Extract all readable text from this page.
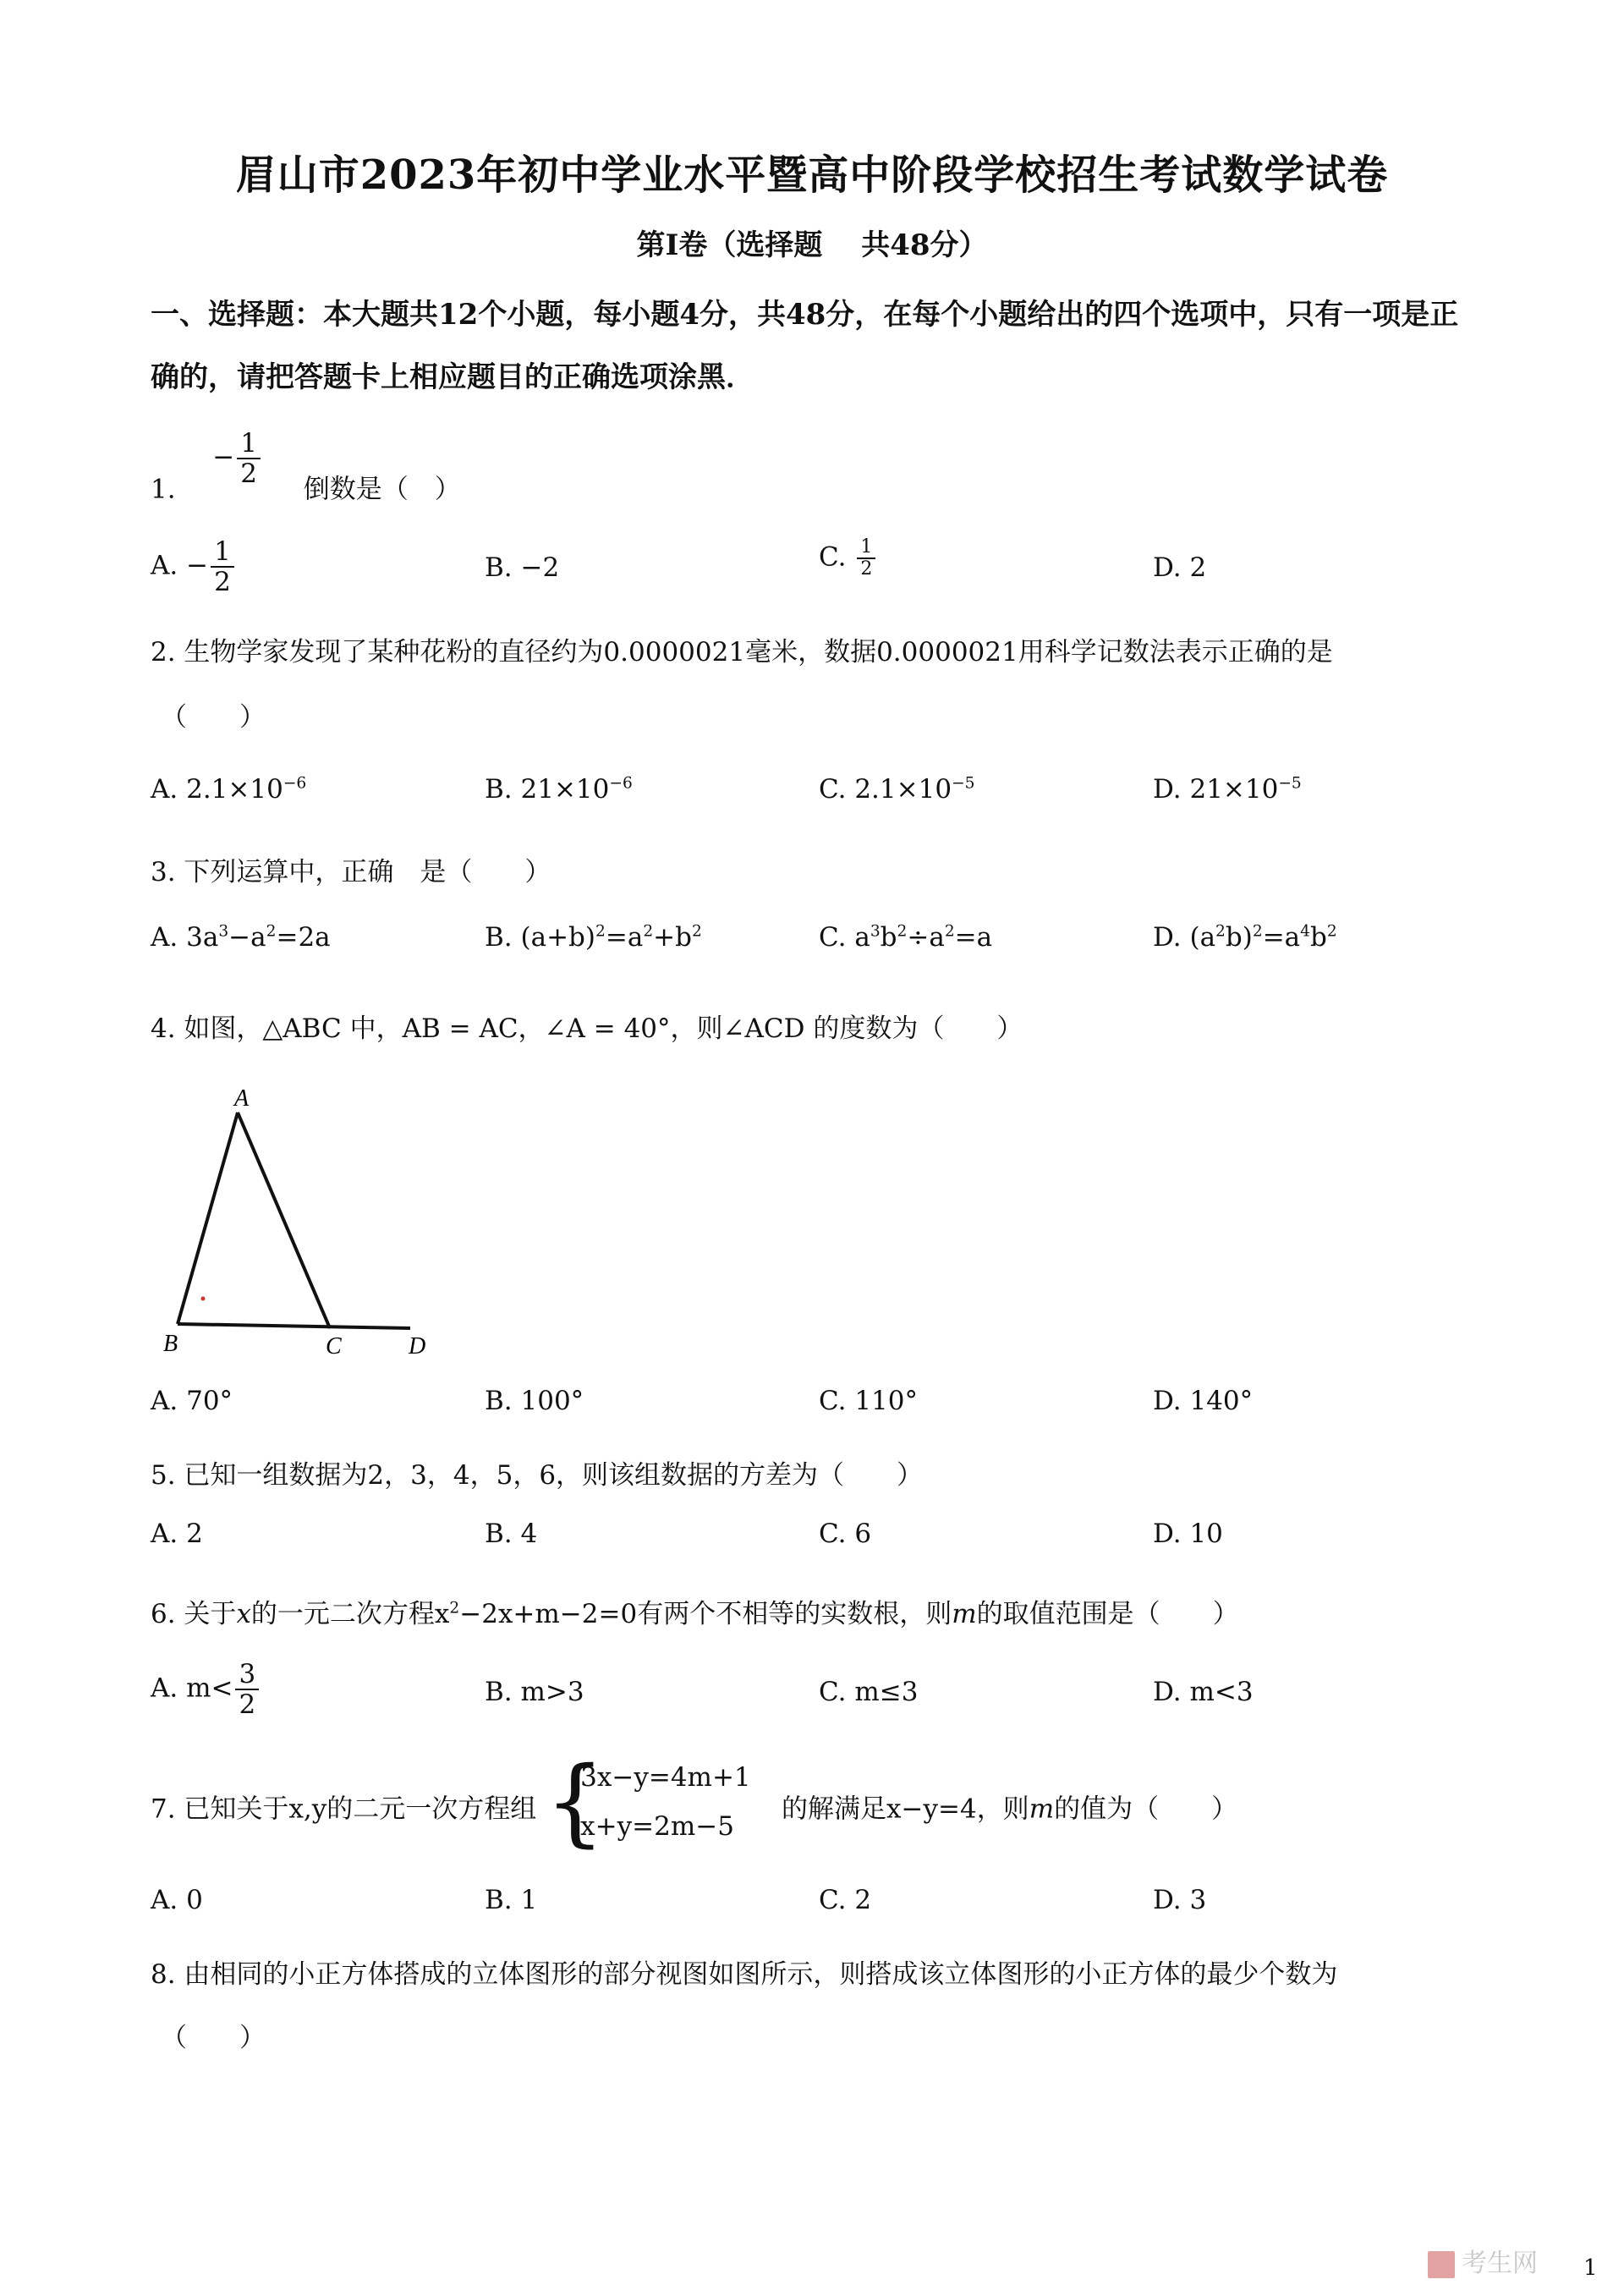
眉山市2023年初中学业水平暨高中阶段学校招生考试数学试卷
第I卷（选择题　 共48分）
一、选择题：本大题共12个小题，每小题4分，共48分，在每个小题给出的四个选项中，只有一项是正确的，请把答题卡上相应题目的正确选项涂黑．
1.  − $\frac{1}{2}$
倒数是（　）
A. − $\frac{1}{2}$	B. −2	C. $\frac{1}{2}$	D. 2
2. 生物学家发现了某种花粉的直径约为0.0000021毫米，数据0.0000021用科学记数法表示正确的是
（　　）
A. $2.1\times 10^{-6}$	B. $21\times 10^{-6}$	C. $2.1\times 10^{-5}$	D. $21\times 10^{-5}$
3. 下列运算中，正确　是（　　）
A. $3a^3-a^2=2a$	B. $(a+b)^2=a^2+b^2$	C. $a^3b^2\div a^2=a$	D. $(a^2b)^2=a^4b^2$
4. 如图，△ABC 中，AB = AC，∠A = 40°，则∠ACD 的度数为（　　）
A
B	C	D
A. 70°	B. 100°	C. 110°	D. 140°
5. 已知一组数据为2，3，4，5，6，则该组数据的方差为（　　）
A. 2	B. 4	C. 6	D. 10
6. 关于x的一元二次方程$x^2-2x+m-2=0$有两个不相等的实数根，则m的取值范围是（　　）
A. $m< \frac{3}{2}$	B. m>3	C. m≤3	D. m<3
7. 已知关于x,y的二元一次方程组 {
3x−y=4m+1
x+y=2m−5
的解满足x−y=4，则m的值为（　　）
A. 0	B. 1	C. 2	D. 3
8. 由相同的小正方体搭成的立体图形的部分视图如图所示，则搭成该立体图形的小正方体的最少个数为
（　　）
考生网 1
